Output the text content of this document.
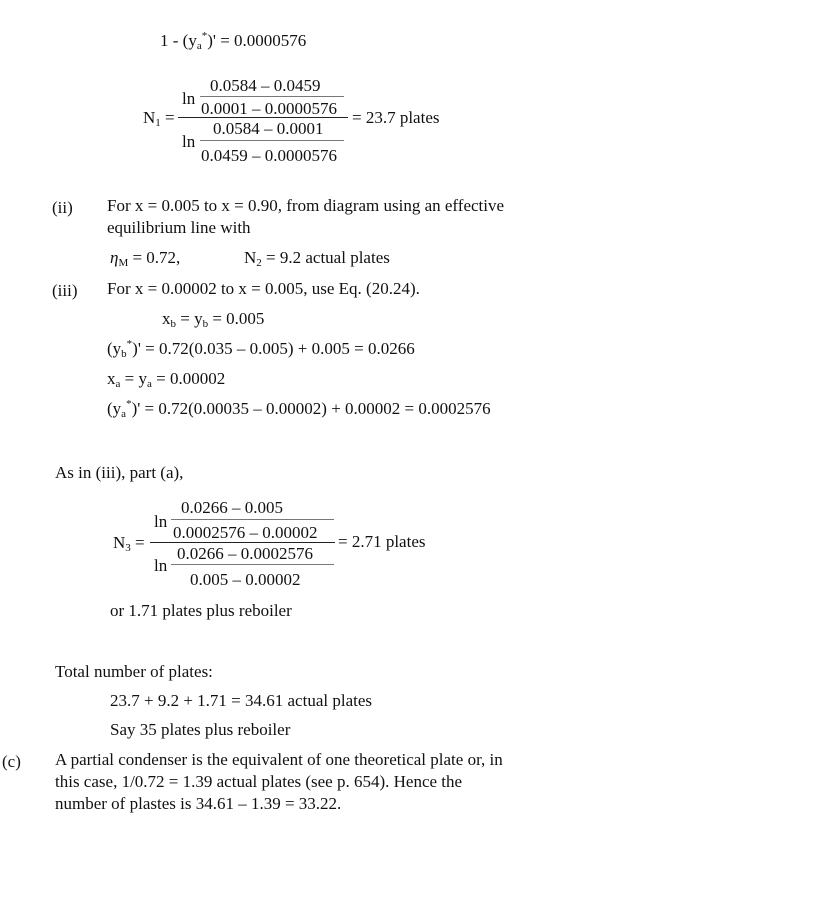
$1 - (y_a^*)' = 0.0000576$
$N_1$ =
ln
0.0584 – 0.0459
0.0001 – 0.0000576
0.0584 – 0.0001
ln
0.0459 – 0.0000576
= 23.7 plates
(ii) For x = 0.005 to x = 0.90, from diagram using an effective
equilibrium line with
$\eta_M = 0.72$,	$N_2 = 9.2$ actual plates
(iii) For x = 0.00002 to x = 0.005, use Eq. (20.24).
$x_b = y_b = 0.005$
$(y_b^*)' = 0.72(0.035 - 0.005) + 0.005 = 0.0266$
$x_a = y_a = 0.00002$
$(y_a^*)' = 0.72(0.00035 - 0.00002) + 0.00002 = 0.0002576$
As in (iii), part (a),
$N_3$ =
ln
0.0266 – 0.005
0.0002576 – 0.00002
0.0266 – 0.0002576
ln
0.005 – 0.00002
= 2.71 plates
or 1.71 plates plus reboiler
Total number of plates:
23.7 + 9.2 + 1.71 = 34.61 actual plates
Say 35 plates plus reboiler
(c) A partial condenser is the equivalent of one theoretical plate or, in
this case, 1/0.72 = 1.39 actual plates (see p. 654). Hence the
number of plastes is 34.61 – 1.39 = 33.22.
